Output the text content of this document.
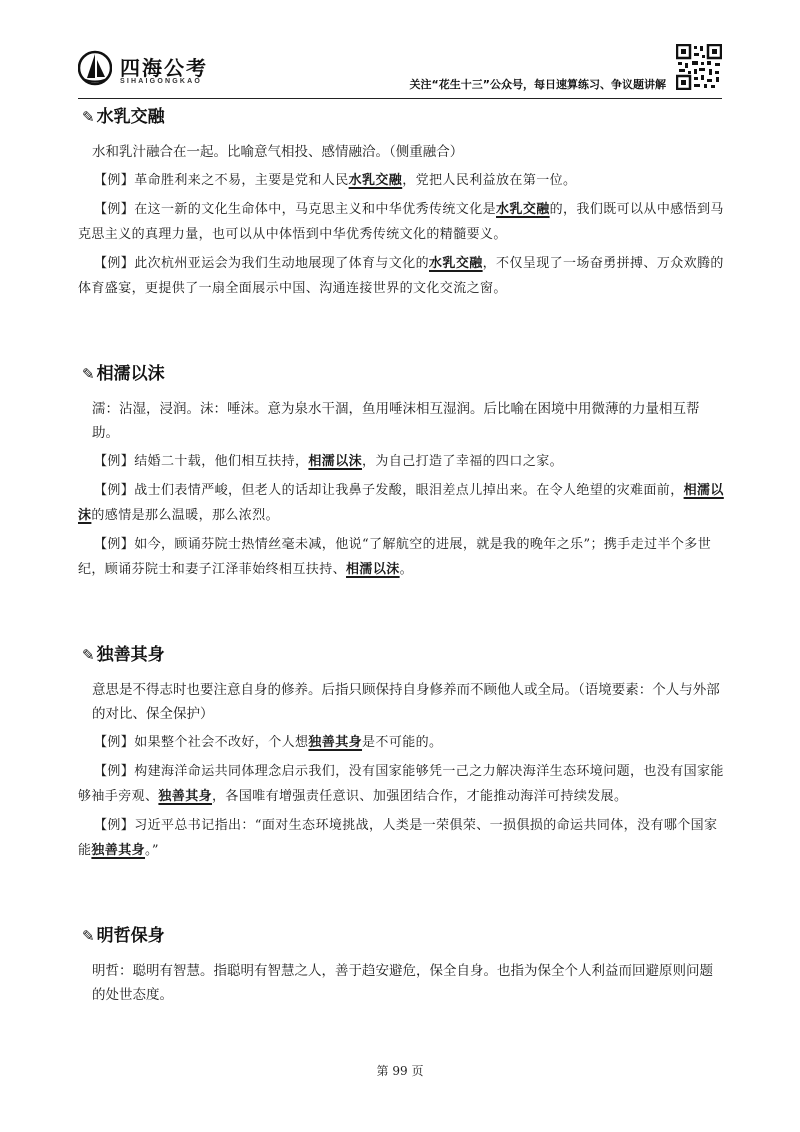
四海公考
SIHAIGONGKAO	关注“花生十三”公众号，每日速算练习、争议题讲解
✎ 水乳交融
水和乳汁融合在一起。比喻意气相投、感情融洽。（侧重融合）

【例】革命胜利来之不易，主要是党和人民水乳交融，党把人民利益放在第一位。

【例】在这一新的文化生命体中，马克思主义和中华优秀传统文化是水乳交融的，我们既可以从中感悟到马克思主义的真理力量，也可以从中体悟到中华优秀传统文化的精髓要义。

【例】此次杭州亚运会为我们生动地展现了体育与文化的水乳交融，不仅呈现了一场奋勇拼搏、万众欢腾的体育盛宴，更提供了一扇全面展示中国、沟通连接世界的文化交流之窗。

✎ 相濡以沫
濡：沾湿，浸润。沫：唾沫。意为泉水干涸，鱼用唾沫相互湿润。后比喻在困境中用微薄的力量相互帮助。

【例】结婚二十载，他们相互扶持，相濡以沫，为自己打造了幸福的四口之家。

【例】战士们表情严峻，但老人的话却让我鼻子发酸，眼泪差点儿掉出来。在令人绝望的灾难面前，相濡以沫的感情是那么温暖，那么浓烈。

【例】如今，顾诵芬院士热情丝毫未减，他说“了解航空的进展，就是我的晚年之乐”；携手走过半个多世纪，顾诵芬院士和妻子江泽菲始终相互扶持、相濡以沫。

✎ 独善其身
意思是不得志时也要注意自身的修养。后指只顾保持自身修养而不顾他人或全局。（语境要素：个人与外部的对比、保全保护）

【例】如果整个社会不改好，个人想独善其身是不可能的。

【例】构建海洋命运共同体理念启示我们，没有国家能够凭一己之力解决海洋生态环境问题，也没有国家能够袖手旁观、独善其身，各国唯有增强责任意识、加强团结合作，才能推动海洋可持续发展。

【例】习近平总书记指出：“面对生态环境挑战，人类是一荣俱荣、一损俱损的命运共同体，没有哪个国家能独善其身。”

✎ 明哲保身
明哲：聪明有智慧。指聪明有智慧之人，善于趋安避危，保全自身。也指为保全个人利益而回避原则问题的处世态度。
第 99 页
